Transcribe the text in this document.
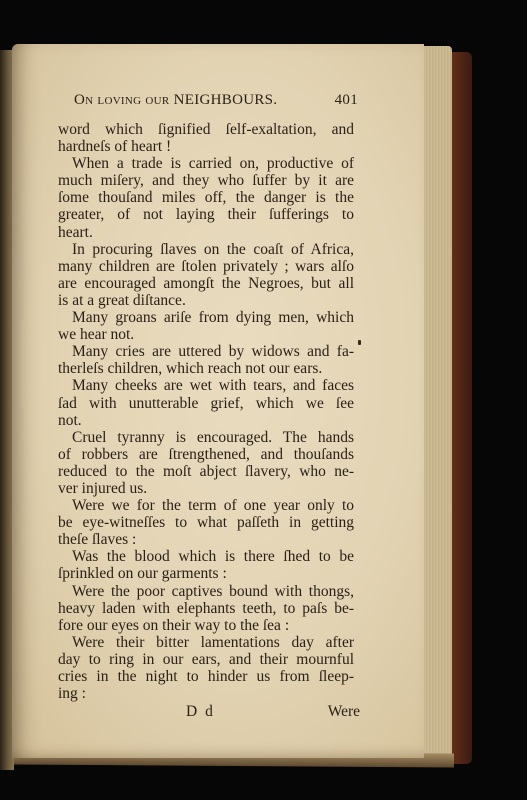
On loving our NEIGHBOURS.	401
word which ſignified ſelf-exaltation, and
hardneſs of heart !
When a trade is carried on, productive of
much miſery, and they who ſuffer by it are
ſome thouſand miles off, the danger is the
greater, of not laying their ſufferings to
heart.
In procuring ſlaves on the coaſt of Africa,
many children are ſtolen privately ; wars alſo
are encouraged amongſt the Negroes, but all
is at a great diſtance.
Many groans ariſe from dying men, which
we hear not.
Many cries are uttered by widows and fa-
therleſs children, which reach not our ears.
Many cheeks are wet with tears, and faces
ſad with unutterable grief, which we ſee
not.
Cruel tyranny is encouraged. The hands
of robbers are ſtrengthened, and thouſands
reduced to the moſt abject ſlavery, who ne-
ver injured us.
Were we for the term of one year only to
be eye-witneſſes to what paſſeth in getting
theſe ſlaves :
Was the blood which is there ſhed to be
ſprinkled on our garments :
Were the poor captives bound with thongs,
heavy laden with elephants teeth, to paſs be-
fore our eyes on their way to the ſea :
Were their bitter lamentations day after
day to ring in our ears, and their mournful
cries in the night to hinder us from ſleep-
ing :
D d	Were
